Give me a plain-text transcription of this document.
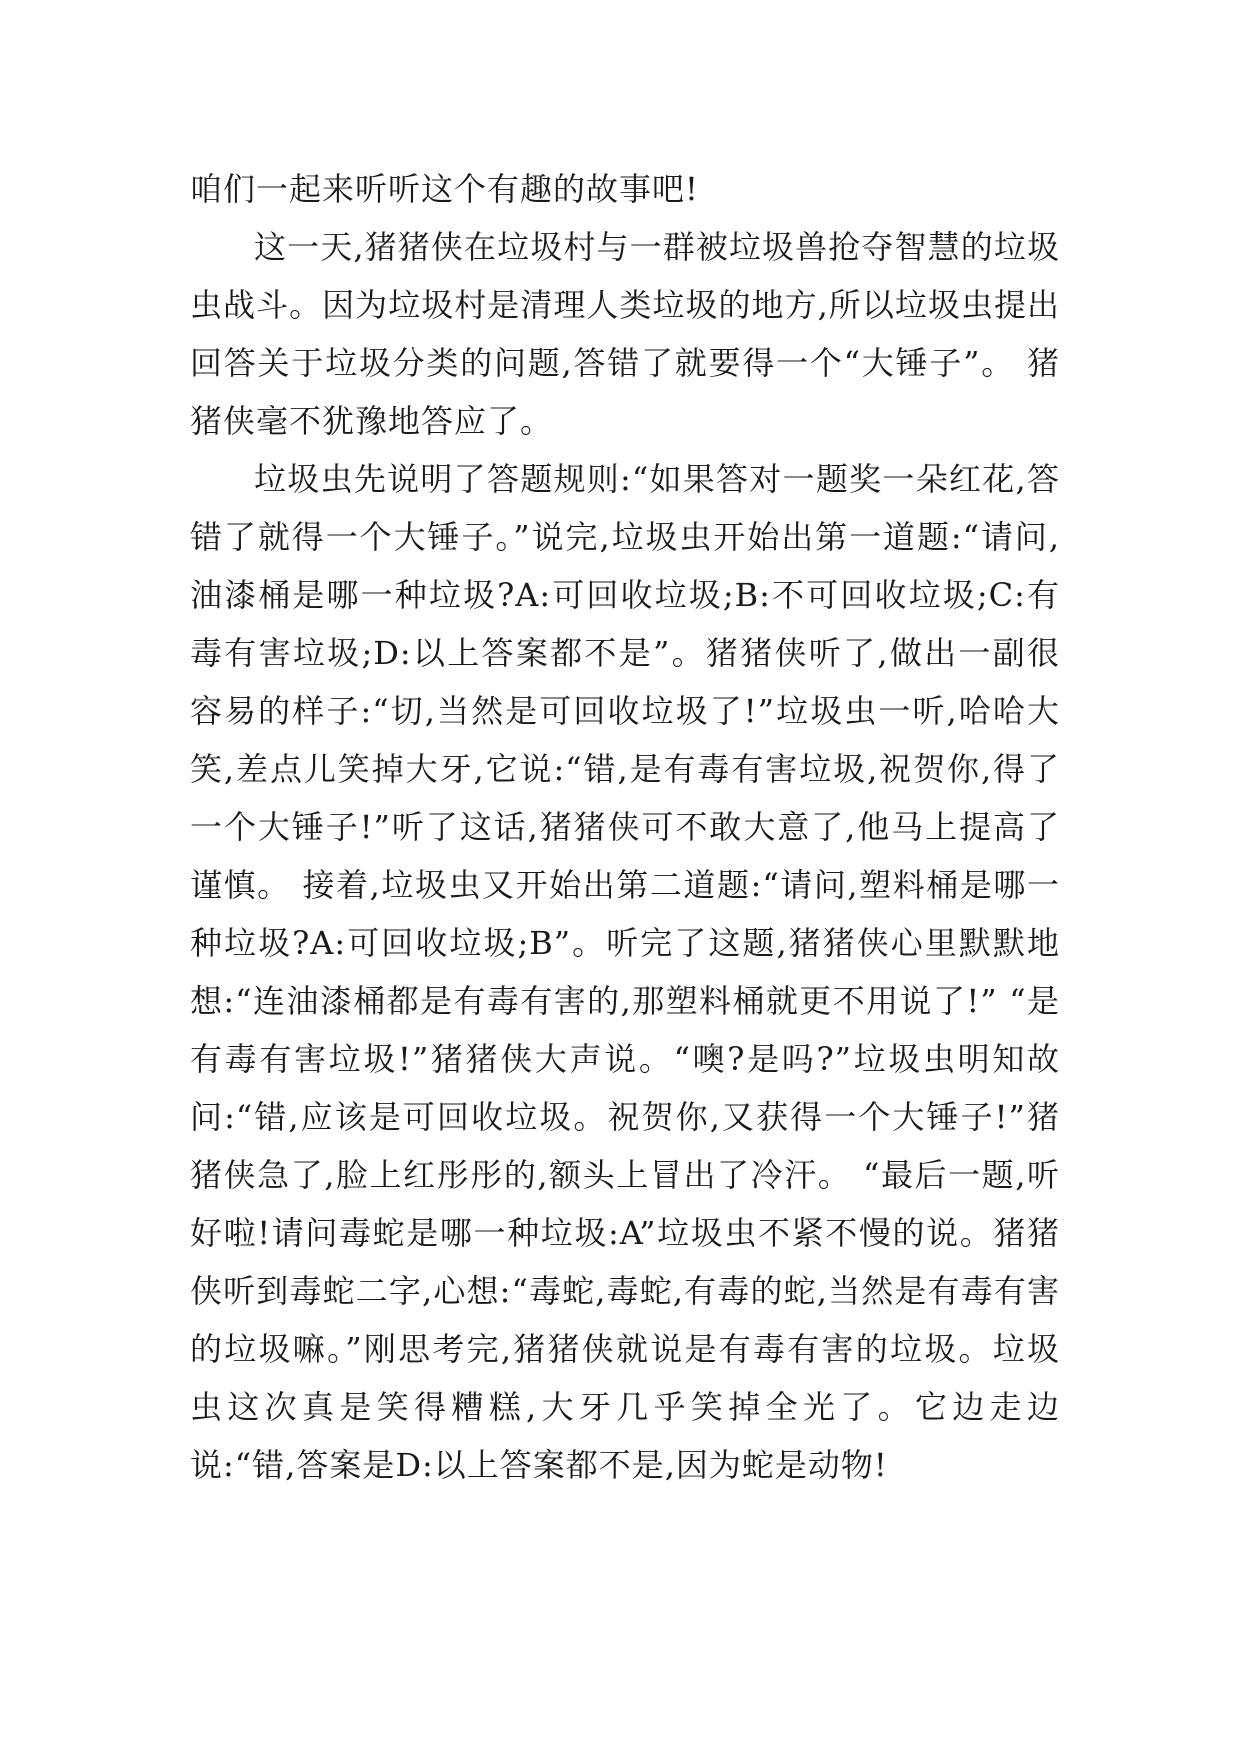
咱们一起来听听这个有趣的故事吧!

这一天,猪猪侠在垃圾村与一群被垃圾兽抢夺智慧的垃圾虫战斗。因为垃圾村是清理人类垃圾的地方,所以垃圾虫提出回答关于垃圾分类的问题,答错了就要得一个“大锤子”。 猪猪侠毫不犹豫地答应了。

垃圾虫先说明了答题规则:“如果答对一题奖一朵红花,答错了就得一个大锤子。”说完,垃圾虫开始出第一道题:“请问,油漆桶是哪一种垃圾?A:可回收垃圾;B:不可回收垃圾;C:有毒有害垃圾;D:以上答案都不是”。猪猪侠听了,做出一副很容易的样子:“切,当然是可回收垃圾了!”垃圾虫一听,哈哈大笑,差点儿笑掉大牙,它说:“错,是有毒有害垃圾,祝贺你,得了一个大锤子!”听了这话,猪猪侠可不敢大意了,他马上提高了谨慎。 接着,垃圾虫又开始出第二道题:“请问,塑料桶是哪一种垃圾?A:可回收垃圾;B”。听完了这题,猪猪侠心里默默地想:“连油漆桶都是有毒有害的,那塑料桶就更不用说了!” “是有毒有害垃圾!”猪猪侠大声说。“噢?是吗?”垃圾虫明知故问:“错,应该是可回收垃圾。祝贺你,又获得一个大锤子!”猪猪侠急了,脸上红彤彤的,额头上冒出了冷汗。 “最后一题,听好啦!请问毒蛇是哪一种垃圾:A”垃圾虫不紧不慢的说。猪猪侠听到毒蛇二字,心想:“毒蛇,毒蛇,有毒的蛇,当然是有毒有害的垃圾嘛。”刚思考完,猪猪侠就说是有毒有害的垃圾。垃圾虫这次真是笑得糟糕,大牙几乎笑掉全光了。它边走边说:“错,答案是D:以上答案都不是,因为蛇是动物!
